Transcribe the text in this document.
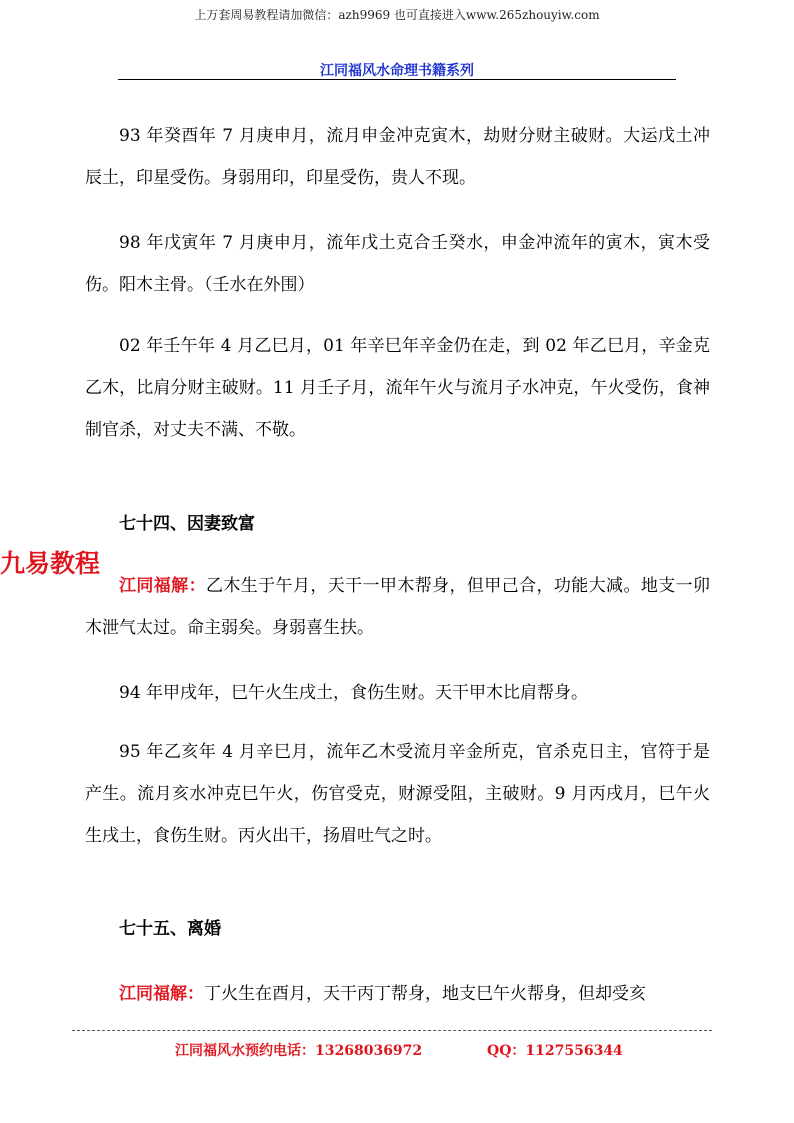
上万套周易教程请加微信：azh9969 也可直接进入www.265zhouyiw.com
江同福风水命理书籍系列

93 年癸酉年 7 月庚申月，流月申金冲克寅木，劫财分财主破财。大运戊土冲辰土，印星受伤。身弱用印，印星受伤，贵人不现。

98 年戊寅年 7 月庚申月，流年戊土克合壬癸水，申金冲流年的寅木，寅木受伤。阳木主骨。（壬水在外围）

02 年壬午年 4 月乙巳月，01 年辛巳年辛金仍在走，到 02 年乙巳月，辛金克乙木，比肩分财主破财。11 月壬子月，流年午火与流月子水冲克，午火受伤，食神制官杀，对丈夫不满、不敬。

七十四、因妻致富
九易教程

江同福解：乙木生于午月，天干一甲木帮身，但甲己合，功能大减。地支一卯木泄气太过。命主弱矣。身弱喜生扶。

94 年甲戌年，巳午火生戌土，食伤生财。天干甲木比肩帮身。

95 年乙亥年 4 月辛巳月，流年乙木受流月辛金所克，官杀克日主，官符于是产生。流月亥水冲克巳午火，伤官受克，财源受阻，主破财。9 月丙戌月，巳午火生戌土，食伤生财。丙火出干，扬眉吐气之时。

七十五、离婚

江同福解：丁火生在酉月，天干丙丁帮身，地支巳午火帮身，但却受亥

江同福风水预约电话：13268036972	QQ：1127556344
